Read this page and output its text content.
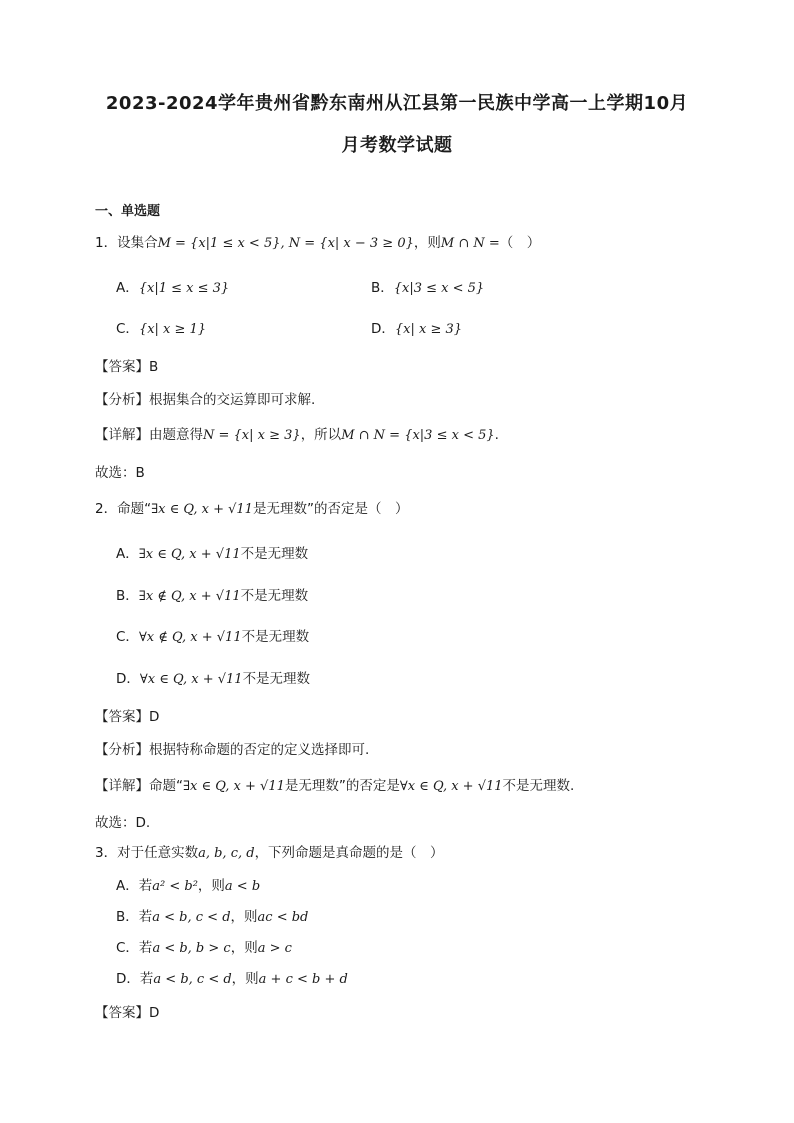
2023-2024学年贵州省黔东南州从江县第一民族中学高一上学期10月
月考数学试题
一、单选题
1．设集合M = {x|1 ≤ x < 5}, N = {x| x − 3 ≥ 0}，则M ∩ N =（　）
A．{x|1 ≤ x ≤ 3}	B．{x|3 ≤ x < 5}
C．{x| x ≥ 1}	D．{x| x ≥ 3}
【答案】B
【分析】根据集合的交运算即可求解.
【详解】由题意得N = {x| x ≥ 3}，所以M ∩ N = {x|3 ≤ x < 5}.
故选：B
2．命题“∃x ∈ Q, x + √11是无理数”的否定是（　）
A．∃x ∈ Q, x + √11不是无理数
B．∃x ∉ Q, x + √11不是无理数
C．∀x ∉ Q, x + √11不是无理数
D．∀x ∈ Q, x + √11不是无理数
【答案】D
【分析】根据特称命题的否定的定义选择即可.
【详解】命题“∃x ∈ Q, x + √11是无理数”的否定是∀x ∈ Q, x + √11不是无理数.
故选：D.
3．对于任意实数a, b, c, d，下列命题是真命题的是（　）
A．若a² < b²，则a < b
B．若a < b, c < d，则ac < bd
C．若a < b, b > c，则a > c
D．若a < b, c < d，则a + c < b + d
【答案】D
